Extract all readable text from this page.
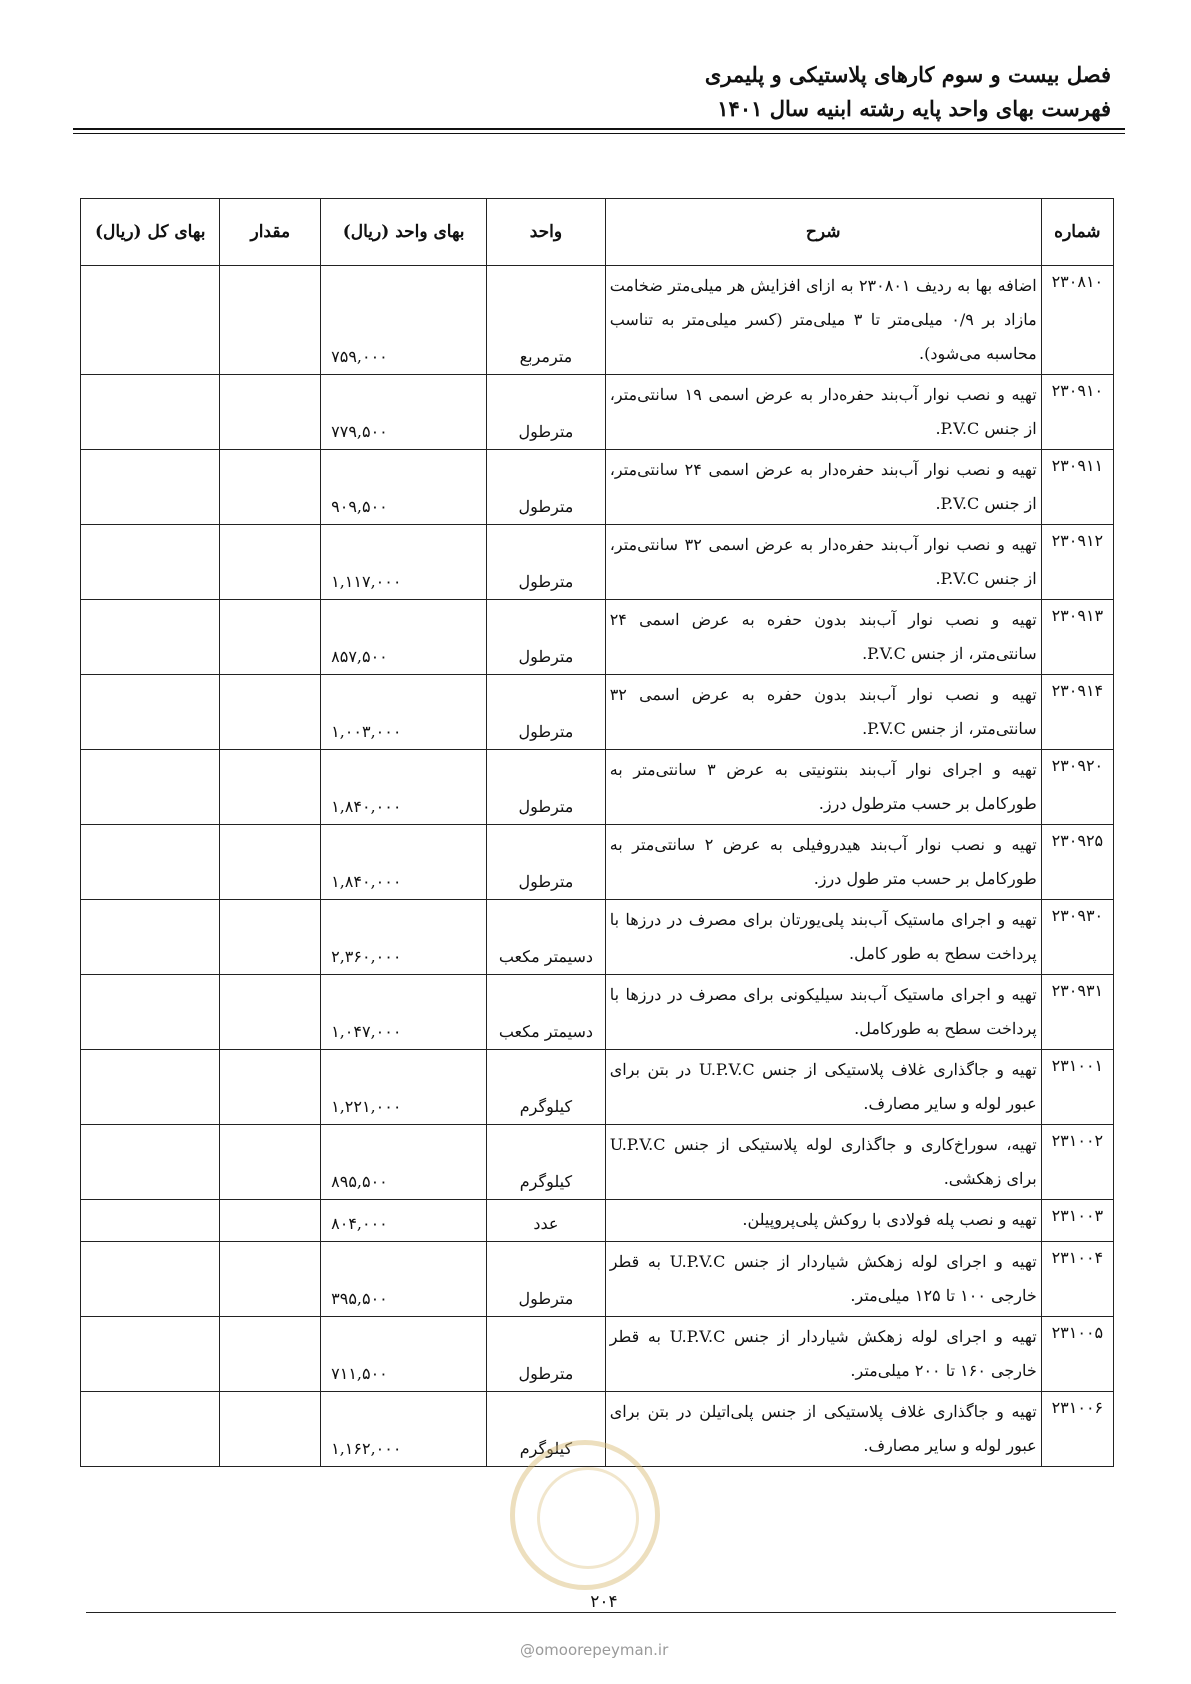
فصل بیست و سوم کارهای پلاستیکی و پلیمری
فهرست بهای واحد پایه رشته ابنیه سال ۱۴۰۱
شماره	شرح	واحد	بهای واحد (ریال)	مقدار	بهای کل (ریال)
۲۳۰۸۱۰	اضافه بها به ردیف ۲۳۰۸۰۱ به ازای افزایش هر میلی‌متر ضخامت مازاد بر ۰/۹ میلی‌متر تا ۳ میلی‌متر (کسر میلی‌متر به تناسب محاسبه می‌شود).	مترمربع	۷۵۹,۰۰۰		
۲۳۰۹۱۰	تهیه و نصب نوار آب‌بند حفره‌دار به عرض اسمی ۱۹ سانتی‌متر، از جنس P.V.C.	مترطول	۷۷۹,۵۰۰		
۲۳۰۹۱۱	تهیه و نصب نوار آب‌بند حفره‌دار به عرض اسمی ۲۴ سانتی‌متر، از جنس P.V.C.	مترطول	۹۰۹,۵۰۰		
۲۳۰۹۱۲	تهیه و نصب نوار آب‌بند حفره‌دار به عرض اسمی ۳۲ سانتی‌متر، از جنس P.V.C.	مترطول	۱,۱۱۷,۰۰۰		
۲۳۰۹۱۳	تهیه و نصب نوار آب‌بند بدون حفره به عرض اسمی ۲۴ سانتی‌متر، از جنس P.V.C.	مترطول	۸۵۷,۵۰۰		
۲۳۰۹۱۴	تهیه و نصب نوار آب‌بند بدون حفره به عرض اسمی ۳۲ سانتی‌متر، از جنس P.V.C.	مترطول	۱,۰۰۳,۰۰۰		
۲۳۰۹۲۰	تهیه و اجرای نوار آب‌بند بنتونیتی به عرض ۳ سانتی‌متر به طورکامل بر حسب مترطول درز.	مترطول	۱,۸۴۰,۰۰۰		
۲۳۰۹۲۵	تهیه و نصب نوار آب‌بند هیدروفیلی به عرض ۲ سانتی‌متر به طورکامل بر حسب متر طول درز.	مترطول	۱,۸۴۰,۰۰۰		
۲۳۰۹۳۰	تهیه و اجرای ماستیک آب‌بند پلی‌یورتان برای مصرف در درزها با پرداخت سطح به طور کامل.	دسیمتر مکعب	۲,۳۶۰,۰۰۰		
۲۳۰۹۳۱	تهیه و اجرای ماستیک آب‌بند سیلیکونی برای مصرف در درزها با پرداخت سطح به طورکامل.	دسیمتر مکعب	۱,۰۴۷,۰۰۰		
۲۳۱۰۰۱	تهیه و جاگذاری غلاف پلاستیکی از جنس U.P.V.C در بتن برای عبور لوله و سایر مصارف.	کیلوگرم	۱,۲۲۱,۰۰۰		
۲۳۱۰۰۲	تهیه، سوراخ‌کاری و جاگذاری لوله پلاستیکی از جنس U.P.V.C برای زهکشی.	کیلوگرم	۸۹۵,۵۰۰		
۲۳۱۰۰۳	تهیه و نصب پله فولادی با روکش پلی‌پروپیلن.	عدد	۸۰۴,۰۰۰		
۲۳۱۰۰۴	تهیه و اجرای لوله زهکش شیاردار از جنس U.P.V.C به قطر خارجی ۱۰۰ تا ۱۲۵ میلی‌متر.	مترطول	۳۹۵,۵۰۰		
۲۳۱۰۰۵	تهیه و اجرای لوله زهکش شیاردار از جنس U.P.V.C به قطر خارجی ۱۶۰ تا ۲۰۰ میلی‌متر.	مترطول	۷۱۱,۵۰۰		
۲۳۱۰۰۶	تهیه و جاگذاری غلاف پلاستیکی از جنس پلی‌اتیلن در بتن برای عبور لوله و سایر مصارف.	کیلوگرم	۱,۱۶۲,۰۰۰		
۲۰۴
@omoorepeyman.ir
